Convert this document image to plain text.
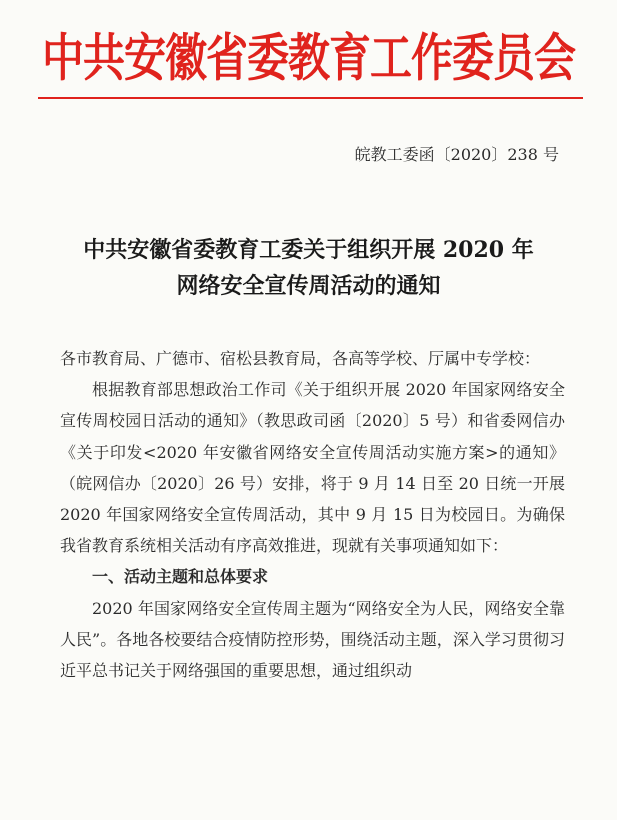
中共安徽省委教育工作委员会
皖教工委函〔2020〕238 号
中共安徽省委教育工委关于组织开展 2020 年
网络安全宣传周活动的通知

各市教育局、广德市、宿松县教育局，各高等学校、厅属中专学校：

根据教育部思想政治工作司《关于组织开展 2020 年国家网络安全宣传周校园日活动的通知》（教思政司函〔2020〕5 号）和省委网信办《关于印发<2020 年安徽省网络安全宣传周活动实施方案>的通知》（皖网信办〔2020〕26 号）安排，将于 9 月 14 日至 20 日统一开展 2020 年国家网络安全宣传周活动，其中 9 月 15 日为校园日。为确保我省教育系统相关活动有序高效推进，现就有关事项通知如下：

一、活动主题和总体要求

2020 年国家网络安全宣传周主题为“网络安全为人民，网络安全靠人民”。各地各校要结合疫情防控形势，围绕活动主题，深入学习贯彻习近平总书记关于网络强国的重要思想，通过组织动
